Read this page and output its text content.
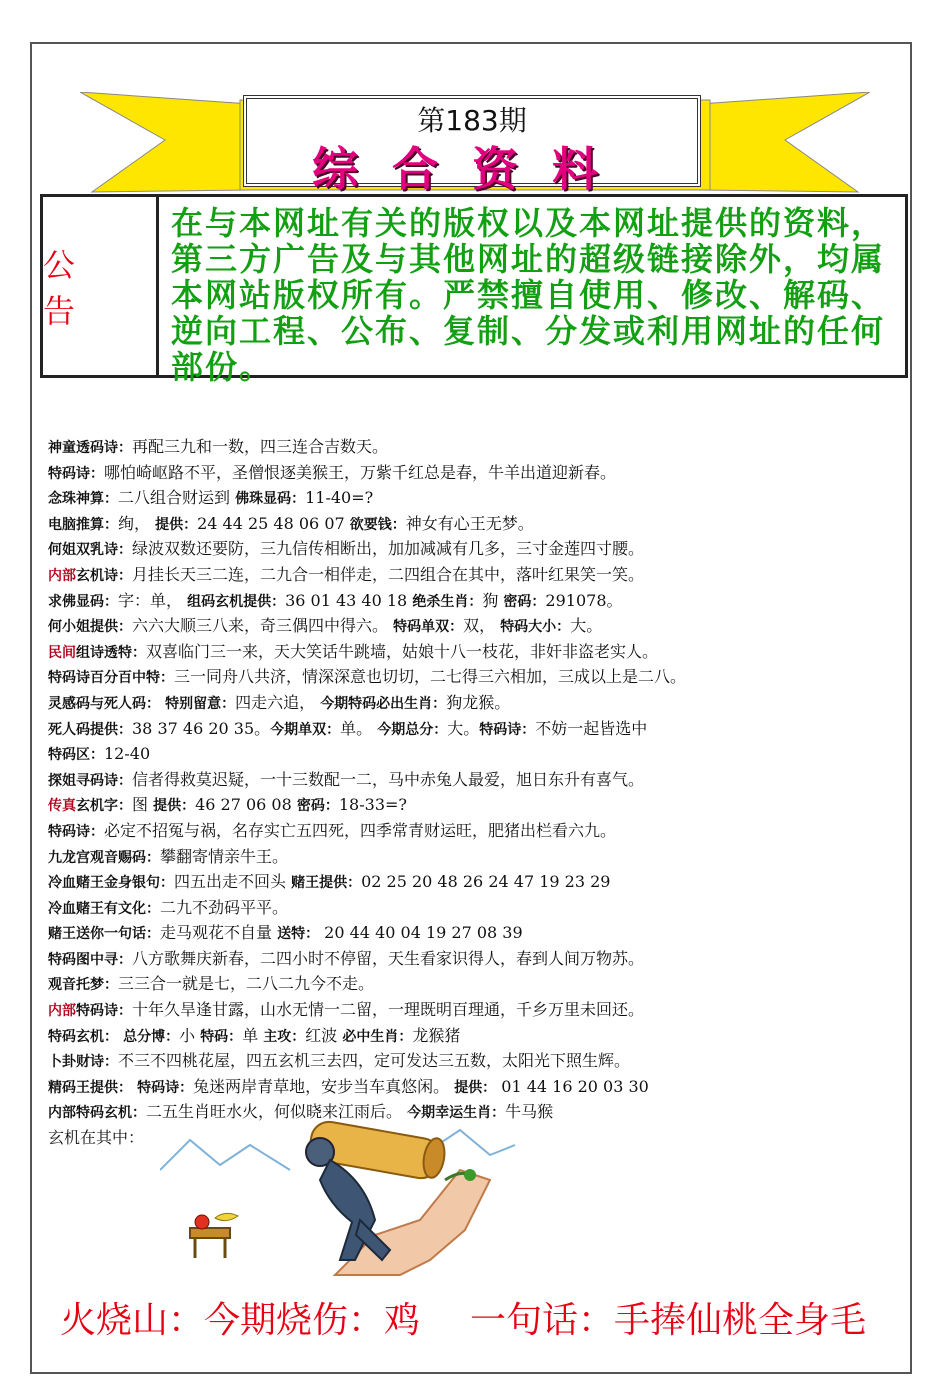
第183期
综合资料
公告
在与本网址有关的版权以及本网址提供的资料，第三方广告及与其他网址的超级链接除外，均属本网站版权所有。严禁擅自使用、修改、解码、逆向工程、公布、复制、分发或利用网址的任何部份。
神童透码诗：再配三九和一数，四三连合吉数天。
特码诗：哪怕崎岖路不平，圣僧恨逐美猴王，万紫千红总是春，牛羊出道迎新春。
念珠神算：二八组合财运到 佛珠显码：11-40=?
电脑推算：绚， 提供：24 44 25 48 06 07 欲要钱：神女有心王无梦。
何姐双乳诗：绿波双数还要防，三九信传相断出，加加减减有几多，三寸金莲四寸腰。
内部玄机诗：月挂长天三二连，二九合一相伴走，二四组合在其中，落叶红果笑一笑。
求佛显码：字：单， 组码玄机提供：36 01 43 40 18 绝杀生肖：狗 密码：291078。
何小姐提供：六六大顺三八来，奇三偶四中得六。 特码单双：双， 特码大小：大。
民间组诗透特：双喜临门三一来，天大笑话牛跳墙，姑娘十八一枝花，非奸非盗老实人。
特码诗百分百中特：三一同舟八共济，情深深意也切切，二七得三六相加，三成以上是二八。
灵感码与死人码： 特别留意：四走六追， 今期特码必出生肖：狗龙猴。
死人码提供：38 37 46 20 35。今期单双：单。 今期总分：大。特码诗：不妨一起皆选中
特码区：12-40
探姐寻码诗：信者得救莫迟疑，一十三数配一二，马中赤兔人最爱，旭日东升有喜气。
传真玄机字：图 提供：46 27 06 08 密码：18-33=?
特码诗：必定不招冤与祸，名存实亡五四死，四季常青财运旺，肥猪出栏看六九。
九龙宫观音赐码：攀翻寄情亲牛王。
冷血赌王金身银句：四五出走不回头 赌王提供：02 25 20 48 26 24 47 19 23 29
冷血赌王有文化：二九不劲码平平。
赌王送你一句话：走马观花不自量 送特： 20 44 40 04 19 27 08 39
特码图中寻：八方歌舞庆新春，二四小时不停留，天生看家识得人，春到人间万物苏。
观音托梦：三三合一就是七，二八二九今不走。
内部特码诗：十年久旱逢甘露，山水无情一二留，一理既明百理通，千乡万里未回还。
特码玄机： 总分博：小 特码：单 主攻：红波 必中生肖：龙猴猪
卜卦财诗：不三不四桃花屋，四五玄机三去四，定可发达三五数，太阳光下照生辉。
精码王提供： 特码诗：兔迷两岸青草地，安步当车真悠闲。 提供： 01 44 16 20 03 30
内部特码玄机：二五生肖旺水火，何似晓来江雨后。 今期幸运生肖：牛马猴
玄机在其中：
火烧山：今期烧伤：鸡 一句话：手捧仙桃全身毛
